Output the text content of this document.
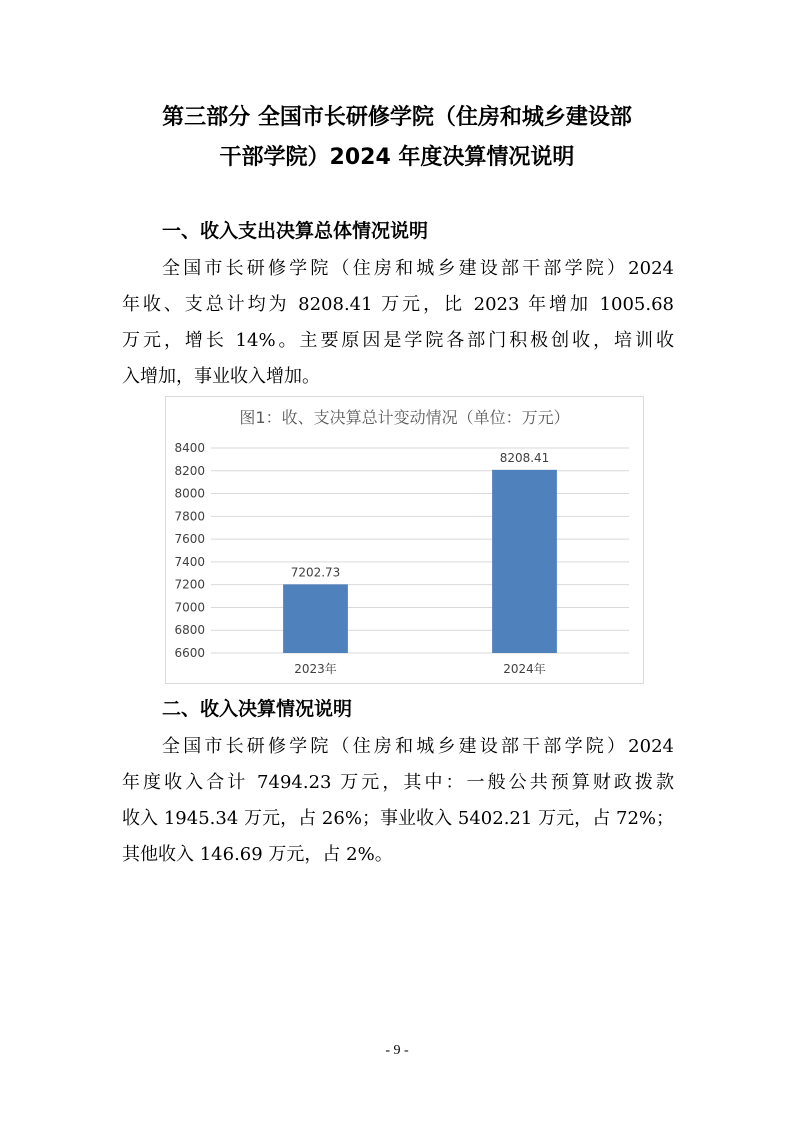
第三部分 全国市长研修学院（住房和城乡建设部
干部学院）2024 年度决算情况说明
一、收入支出决算总体情况说明
全国市长研修学院（住房和城乡建设部干部学院）2024
年收、支总计均为 8208.41 万元，比 2023 年增加 1005.68
万元，增长 14%。主要原因是学院各部门积极创收，培训收
入增加，事业收入增加。
图1：收、支决算总计变动情况（单位：万元）
6600
6800
7000
7200
7400
7600
7800
8000
8200
8400
7202.73
2023年
8208.41
2024年
二、收入决算情况说明
全国市长研修学院（住房和城乡建设部干部学院）2024
年度收入合计 7494.23 万元，其中：一般公共预算财政拨款
收入 1945.34 万元，占 26%；事业收入 5402.21 万元，占 72%；
其他收入 146.69 万元，占 2%。
- 9 -
